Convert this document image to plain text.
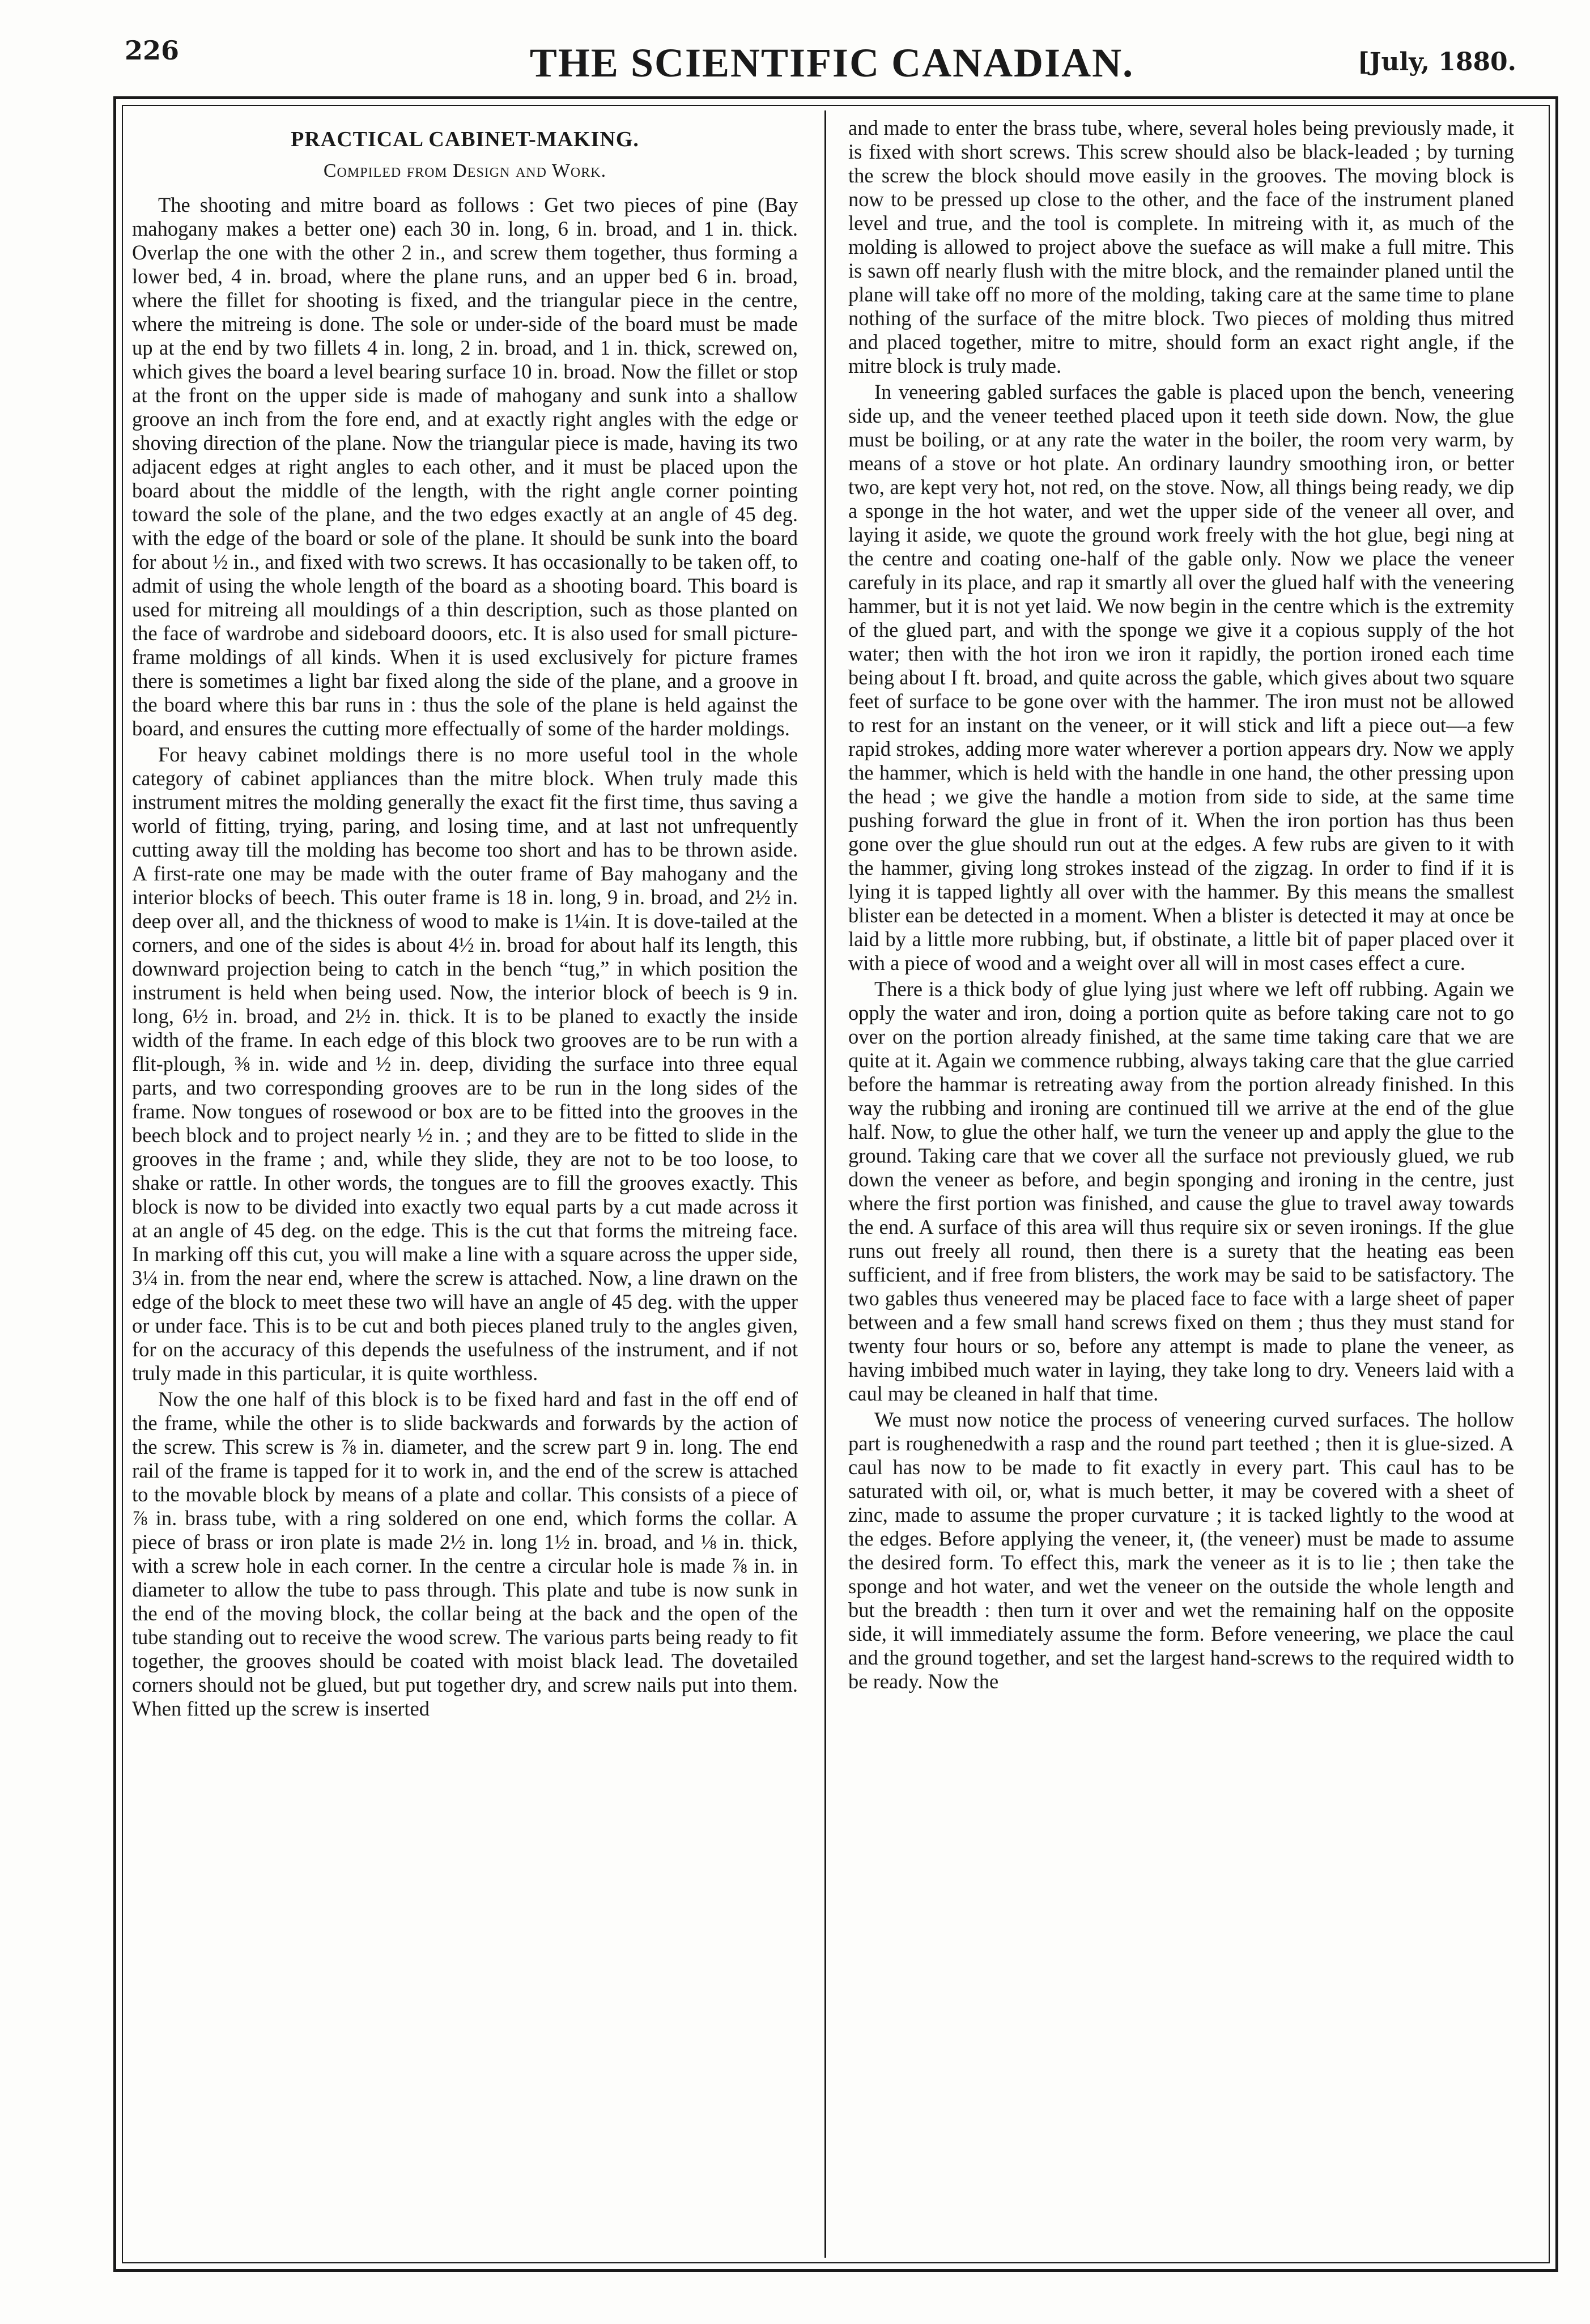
226	THE SCIENTIFIC CANADIAN.	[July, 1880.
PRACTICAL CABINET-MAKING.
Compiled from Design and Work.

The shooting and mitre board as follows : Get two pieces of pine (Bay mahogany makes a better one) each 30 in. long, 6 in. broad, and 1 in. thick. Overlap the one with the other 2 in., and screw them together, thus forming a lower bed, 4 in. broad, where the plane runs, and an upper bed 6 in. broad, where the fillet for shooting is fixed, and the triangular piece in the centre, where the mitreing is done. The sole or under-side of the board must be made up at the end by two fillets 4 in. long, 2 in. broad, and 1 in. thick, screwed on, which gives the board a level bearing surface 10 in. broad. Now the fillet or stop at the front on the upper side is made of mahogany and sunk into a shallow groove an inch from the fore end, and at exactly right angles with the edge or shoving direction of the plane. Now the triangular piece is made, having its two adjacent edges at right angles to each other, and it must be placed upon the board about the middle of the length, with the right angle corner pointing toward the sole of the plane, and the two edges exactly at an angle of 45 deg. with the edge of the board or sole of the plane. It should be sunk into the board for about ½ in., and fixed with two screws. It has occasionally to be taken off, to admit of using the whole length of the board as a shooting board. This board is used for mitreing all mouldings of a thin description, such as those planted on the face of wardrobe and sideboard dooors, etc. It is also used for small picture-frame moldings of all kinds. When it is used exclusively for picture frames there is sometimes a light bar fixed along the side of the plane, and a groove in the board where this bar runs in : thus the sole of the plane is held against the board, and ensures the cutting more effectually of some of the harder moldings.

For heavy cabinet moldings there is no more useful tool in the whole category of cabinet appliances than the mitre block. When truly made this instrument mitres the molding generally the exact fit the first time, thus saving a world of fitting, trying, paring, and losing time, and at last not unfrequently cutting away till the molding has become too short and has to be thrown aside. A first-rate one may be made with the outer frame of Bay mahogany and the interior blocks of beech. This outer frame is 18 in. long, 9 in. broad, and 2½ in. deep over all, and the thickness of wood to make is 1¼in. It is dove-tailed at the corners, and one of the sides is about 4½ in. broad for about half its length, this downward projection being to catch in the bench “tug,” in which position the instrument is held when being used. Now, the interior block of beech is 9 in. long, 6½ in. broad, and 2½ in. thick. It is to be planed to exactly the inside width of the frame. In each edge of this block two grooves are to be run with a flit-plough, ⅜ in. wide and ½ in. deep, dividing the surface into three equal parts, and two corresponding grooves are to be run in the long sides of the frame. Now tongues of rosewood or box are to be fitted into the grooves in the beech block and to project nearly ½ in. ; and they are to be fitted to slide in the grooves in the frame ; and, while they slide, they are not to be too loose, to shake or rattle. In other words, the tongues are to fill the grooves exactly. This block is now to be divided into exactly two equal parts by a cut made across it at an angle of 45 deg. on the edge. This is the cut that forms the mitreing face. In marking off this cut, you will make a line with a square across the upper side, 3¼ in. from the near end, where the screw is attached. Now, a line drawn on the edge of the block to meet these two will have an angle of 45 deg. with the upper or under face. This is to be cut and both pieces planed truly to the angles given, for on the accuracy of this depends the usefulness of the instrument, and if not truly made in this particular, it is quite worthless.

Now the one half of this block is to be fixed hard and fast in the off end of the frame, while the other is to slide backwards and forwards by the action of the screw. This screw is ⅞ in. diameter, and the screw part 9 in. long. The end rail of the frame is tapped for it to work in, and the end of the screw is attached to the movable block by means of a plate and collar. This consists of a piece of ⅞ in. brass tube, with a ring soldered on one end, which forms the collar. A piece of brass or iron plate is made 2½ in. long 1½ in. broad, and ⅛ in. thick, with a screw hole in each corner. In the centre a circular hole is made ⅞ in. in diameter to allow the tube to pass through. This plate and tube is now sunk in the end of the moving block, the collar being at the back and the open of the tube standing out to receive the wood screw. The various parts being ready to fit together, the grooves should be coated with moist black lead. The dovetailed corners should not be glued, but put together dry, and screw nails put into them. When fitted up the screw is inserted

and made to enter the brass tube, where, several holes being previously made, it is fixed with short screws. This screw should also be black-leaded ; by turning the screw the block should move easily in the grooves. The moving block is now to be pressed up close to the other, and the face of the instrument planed level and true, and the tool is complete. In mitreing with it, as much of the molding is allowed to project above the sueface as will make a full mitre. This is sawn off nearly flush with the mitre block, and the remainder planed until the plane will take off no more of the molding, taking care at the same time to plane nothing of the surface of the mitre block. Two pieces of molding thus mitred and placed together, mitre to mitre, should form an exact right angle, if the mitre block is truly made.

In veneering gabled surfaces the gable is placed upon the bench, veneering side up, and the veneer teethed placed upon it teeth side down. Now, the glue must be boiling, or at any rate the water in the boiler, the room very warm, by means of a stove or hot plate. An ordinary laundry smoothing iron, or better two, are kept very hot, not red, on the stove. Now, all things being ready, we dip a sponge in the hot water, and wet the upper side of the veneer all over, and laying it aside, we quote the ground work freely with the hot glue, begi ning at the centre and coating one-half of the gable only. Now we place the veneer carefuly in its place, and rap it smartly all over the glued half with the veneering hammer, but it is not yet laid. We now begin in the centre which is the extremity of the glued part, and with the sponge we give it a copious supply of the hot water; then with the hot iron we iron it rapidly, the portion ironed each time being about I ft. broad, and quite across the gable, which gives about two square feet of surface to be gone over with the hammer. The iron must not be allowed to rest for an instant on the veneer, or it will stick and lift a piece out—a few rapid strokes, adding more water wherever a portion appears dry. Now we apply the hammer, which is held with the handle in one hand, the other pressing upon the head ; we give the handle a motion from side to side, at the same time pushing forward the glue in front of it. When the iron portion has thus been gone over the glue should run out at the edges. A few rubs are given to it with the hammer, giving long strokes instead of the zigzag. In order to find if it is lying it is tapped lightly all over with the hammer. By this means the smallest blister ean be detected in a moment. When a blister is detected it may at once be laid by a little more rubbing, but, if obstinate, a little bit of paper placed over it with a piece of wood and a weight over all will in most cases effect a cure.

There is a thick body of glue lying just where we left off rubbing. Again we opply the water and iron, doing a portion quite as before taking care not to go over on the portion already finished, at the same time taking care that we are quite at it. Again we commence rubbing, always taking care that the glue carried before the hammar is retreating away from the portion already finished. In this way the rubbing and ironing are continued till we arrive at the end of the glue half. Now, to glue the other half, we turn the veneer up and apply the glue to the ground. Taking care that we cover all the surface not previously glued, we rub down the veneer as before, and begin sponging and ironing in the centre, just where the first portion was finished, and cause the glue to travel away towards the end. A surface of this area will thus require six or seven ironings. If the glue runs out freely all round, then there is a surety that the heating eas been sufficient, and if free from blisters, the work may be said to be satisfactory. The two gables thus veneered may be placed face to face with a large sheet of paper between and a few small hand screws fixed on them ; thus they must stand for twenty four hours or so, before any attempt is made to plane the veneer, as having imbibed much water in laying, they take long to dry. Veneers laid with a caul may be cleaned in half that time.

We must now notice the process of veneering curved surfaces. The hollow part is roughenedwith a rasp and the round part teethed ; then it is glue-sized. A caul has now to be made to fit exactly in every part. This caul has to be saturated with oil, or, what is much better, it may be covered with a sheet of zinc, made to assume the proper curvature ; it is tacked lightly to the wood at the edges. Before applying the veneer, it, (the veneer) must be made to assume the desired form. To effect this, mark the veneer as it is to lie ; then take the sponge and hot water, and wet the veneer on the outside the whole length and but the breadth : then turn it over and wet the remaining half on the opposite side, it will immediately assume the form. Before veneering, we place the caul and the ground together, and set the largest hand-screws to the required width to be ready. Now the
